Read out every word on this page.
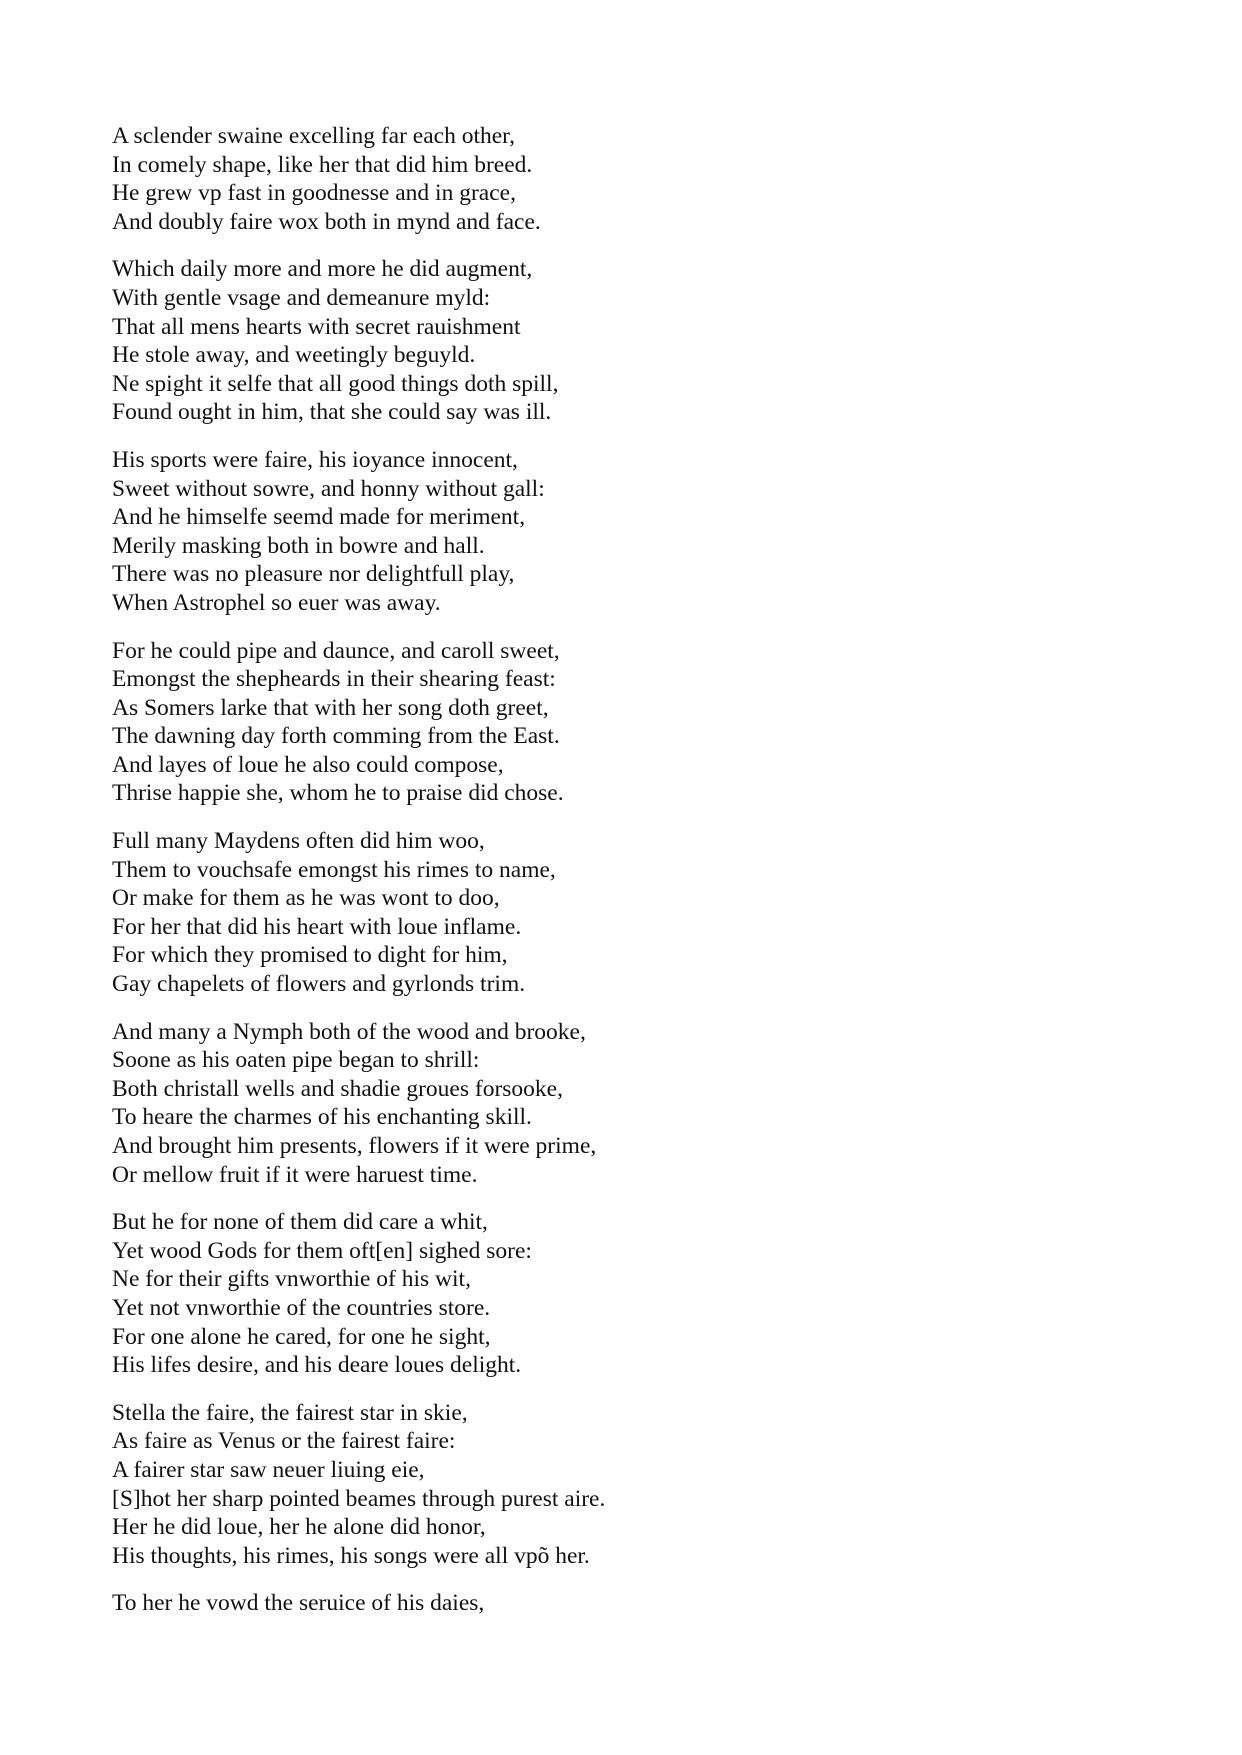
A sclender swaine excelling far each other,
In comely shape, like her that did him breed.
He grew vp fast in goodnesse and in grace,
And doubly faire wox both in mynd and face.
Which daily more and more he did augment,
With gentle vsage and demeanure myld:
That all mens hearts with secret rauishment
He stole away, and weetingly beguyld.
Ne spight it selfe that all good things doth spill,
Found ought in him, that she could say was ill.
His sports were faire, his ioyance innocent,
Sweet without sowre, and honny without gall:
And he himselfe seemd made for meriment,
Merily masking both in bowre and hall.
There was no pleasure nor delightfull play,
When Astrophel so euer was away.
For he could pipe and daunce, and caroll sweet,
Emongst the shepheards in their shearing feast:
As Somers larke that with her song doth greet,
The dawning day forth comming from the East.
And layes of loue he also could compose,
Thrise happie she, whom he to praise did chose.
Full many Maydens often did him woo,
Them to vouchsafe emongst his rimes to name,
Or make for them as he was wont to doo,
For her that did his heart with loue inflame.
For which they promised to dight for him,
Gay chapelets of flowers and gyrlonds trim.
And many a Nymph both of the wood and brooke,
Soone as his oaten pipe began to shrill:
Both christall wells and shadie groues forsooke,
To heare the charmes of his enchanting skill.
And brought him presents, flowers if it were prime,
Or mellow fruit if it were haruest time.
But he for none of them did care a whit,
Yet wood Gods for them oft[en] sighed sore:
Ne for their gifts vnworthie of his wit,
Yet not vnworthie of the countries store.
For one alone he cared, for one he sight,
His lifes desire, and his deare loues delight.
Stella the faire, the fairest star in skie,
As faire as Venus or the fairest faire:
A fairer star saw neuer liuing eie,
[S]hot her sharp pointed beames through purest aire.
Her he did loue, her he alone did honor,
His thoughts, his rimes, his songs were all vpõ her.
To her he vowd the seruice of his daies,
